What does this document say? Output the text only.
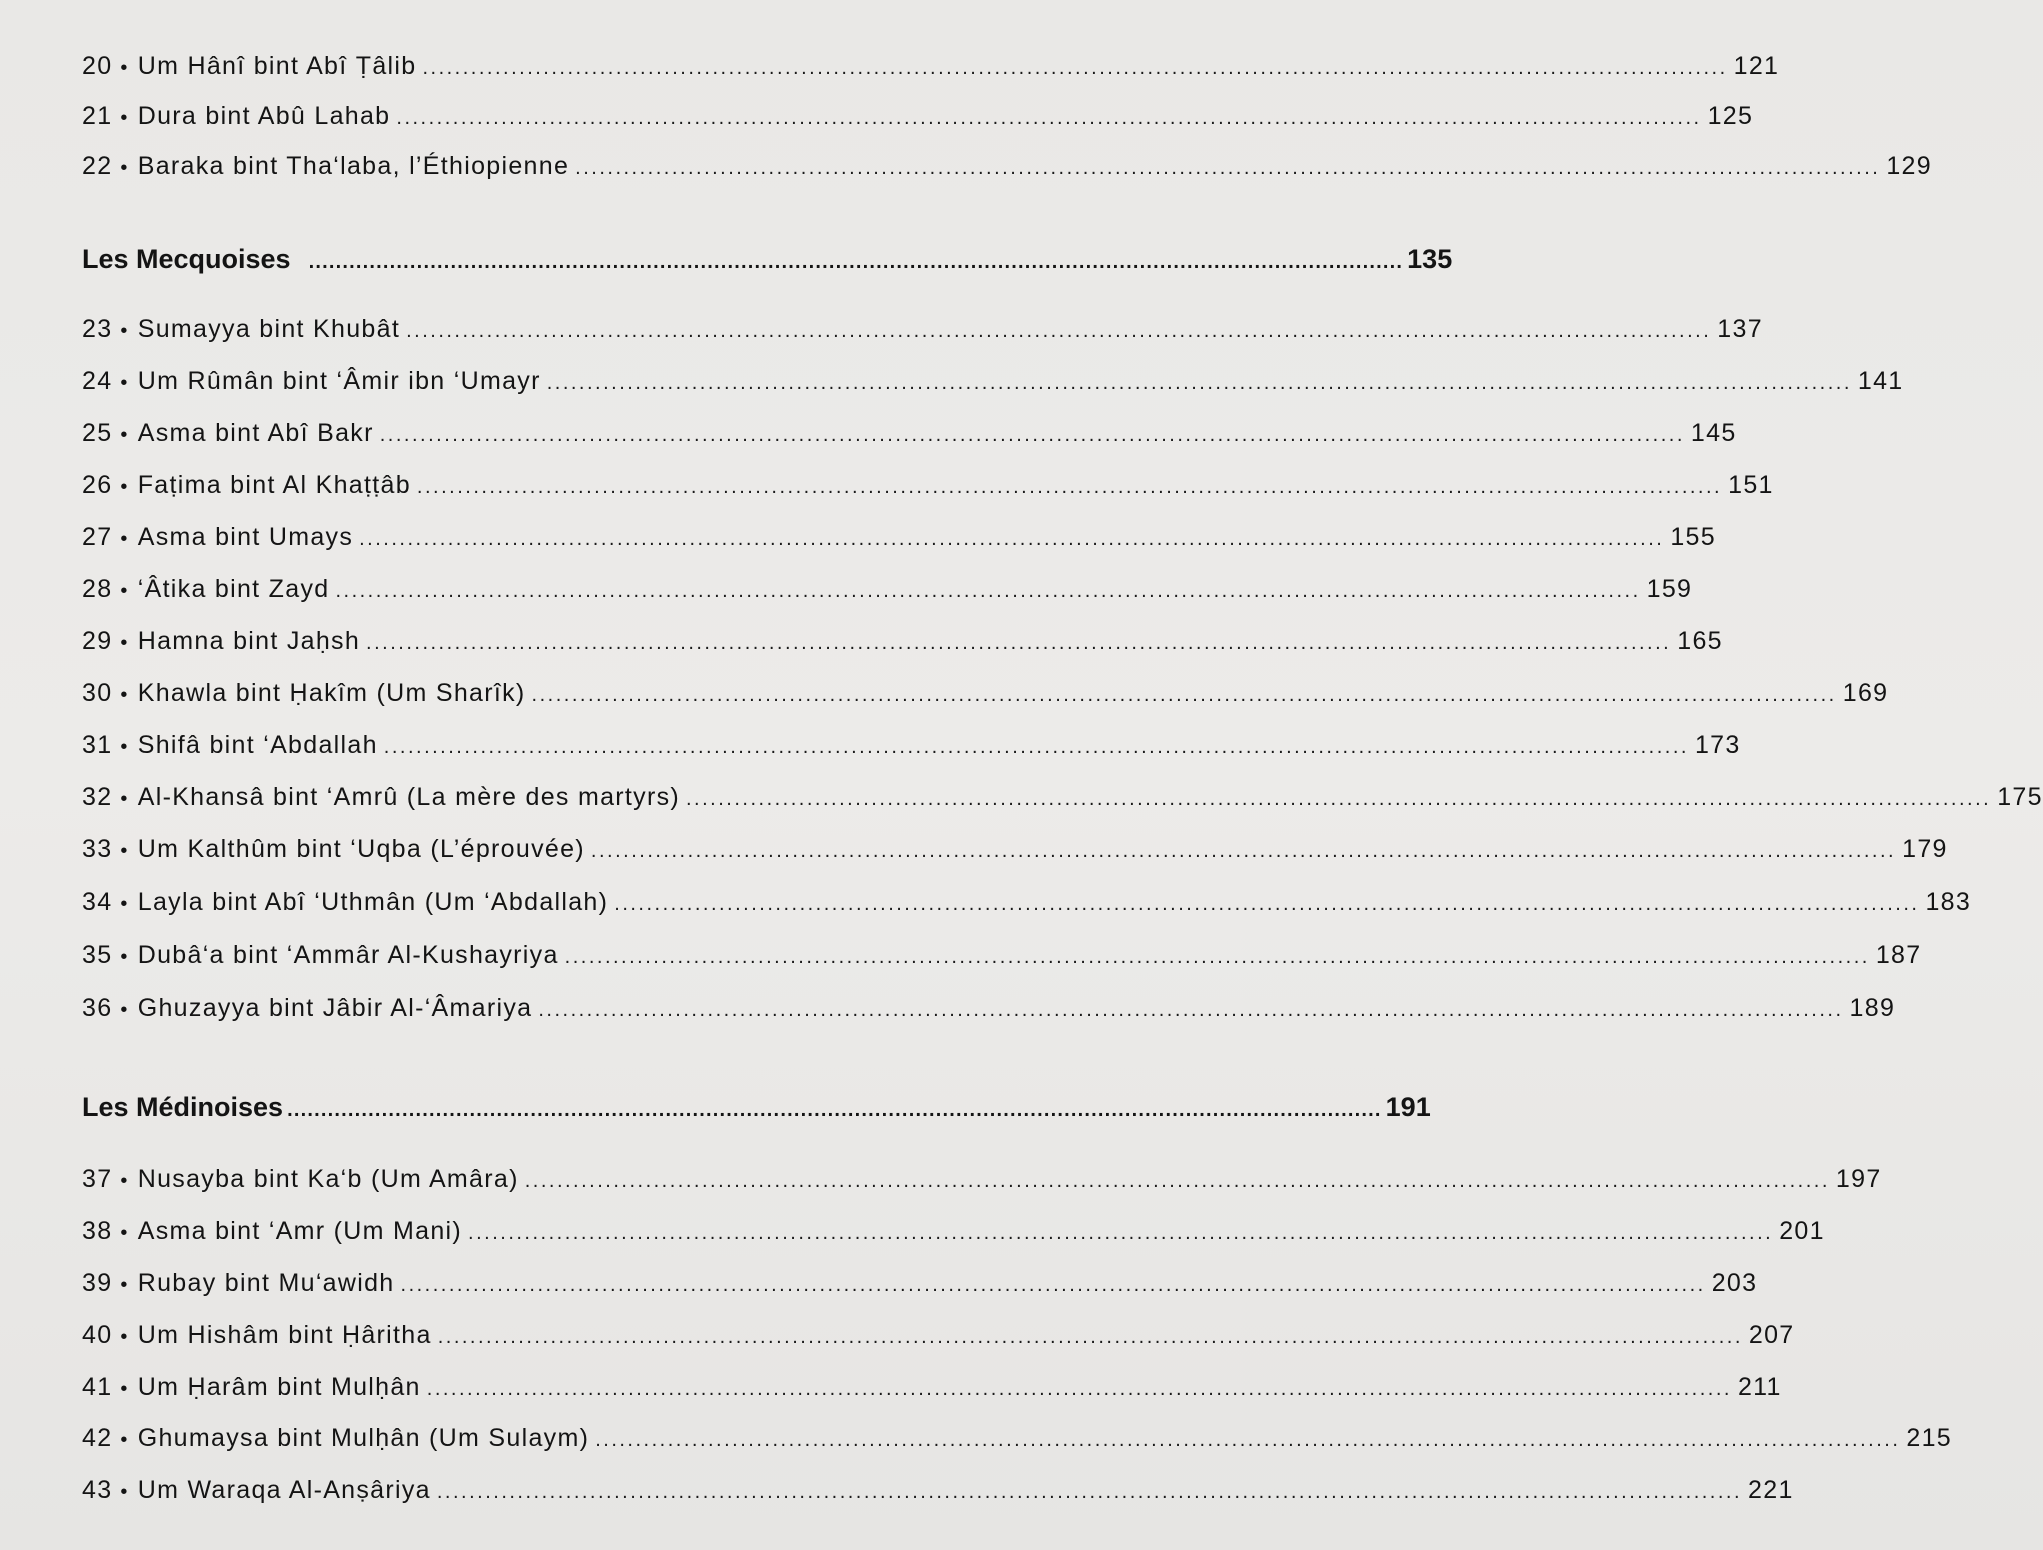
20 • Um Hânî bint Abî Ṭâlib .................................................................................................................................................................. 121
21 • Dura bint Abû Lahab .................................................................................................................................................................. 125
22 • Baraka bint Tha‘laba, l’Éthiopienne .................................................................................................................................................................. 129
Les Mecquoises .................................................................................................................................................................. 135
23 • Sumayya bint Khubât .................................................................................................................................................................. 137
24 • Um Rûmân bint ‘Âmir ibn ‘Umayr .................................................................................................................................................................. 141
25 • Asma bint Abî Bakr .................................................................................................................................................................. 145
26 • Faṭima bint Al Khaṭṭâb .................................................................................................................................................................. 151
27 • Asma bint Umays .................................................................................................................................................................. 155
28 • ‘Âtika bint Zayd .................................................................................................................................................................. 159
29 • Hamna bint Jaḥsh .................................................................................................................................................................. 165
30 • Khawla bint Ḥakîm (Um Sharîk) .................................................................................................................................................................. 169
31 • Shifâ bint ‘Abdallah .................................................................................................................................................................. 173
32 • Al-Khansâ bint ‘Amrû (La mère des martyrs) .................................................................................................................................................................. 175
33 • Um Kalthûm bint ‘Uqba (L’éprouvée) .................................................................................................................................................................. 179
34 • Layla bint Abî ‘Uthmân (Um ‘Abdallah) .................................................................................................................................................................. 183
35 • Dubâ‘a bint ‘Ammâr Al-Kushayriya .................................................................................................................................................................. 187
36 • Ghuzayya bint Jâbir Al-‘Âmariya .................................................................................................................................................................. 189
Les Médinoises .................................................................................................................................................................. 191
37 • Nusayba bint Ka‘b (Um Amâra) .................................................................................................................................................................. 197
38 • Asma bint ‘Amr (Um Mani) .................................................................................................................................................................. 201
39 • Rubay bint Mu‘awidh .................................................................................................................................................................. 203
40 • Um Hishâm bint Ḥâritha .................................................................................................................................................................. 207
41 • Um Ḥarâm bint Mulḥân .................................................................................................................................................................. 211
42 • Ghumaysa bint Mulḥân (Um Sulaym) .................................................................................................................................................................. 215
43 • Um Waraqa Al-Anṣâriya .................................................................................................................................................................. 221
